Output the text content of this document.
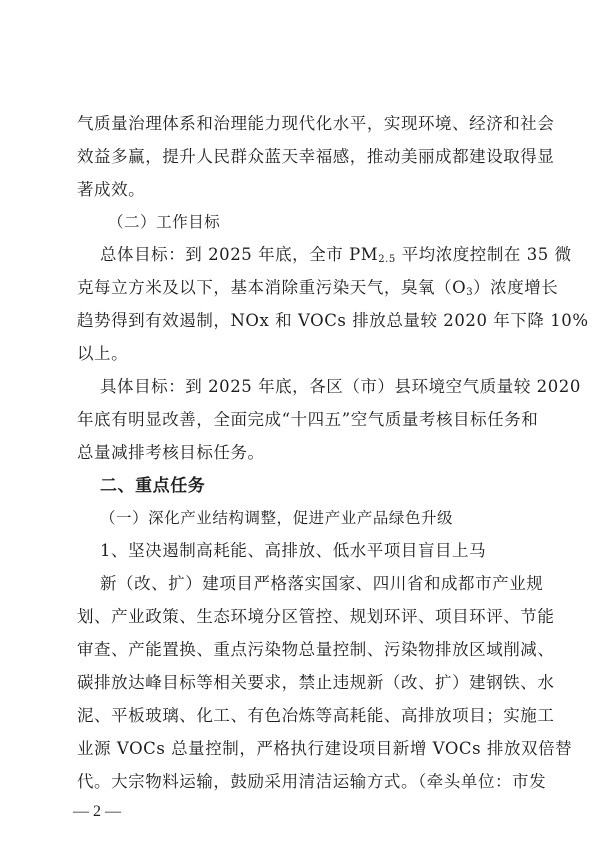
气质量治理体系和治理能力现代化水平，实现环境、经济和社会
效益多赢，提升人民群众蓝天幸福感，推动美丽成都建设取得显
著成效。
（二）工作目标
总体目标：到 2025 年底，全市 $PM_{2.5}$ 平均浓度控制在 35 微
克每立方米及以下，基本消除重污染天气，臭氧$(O_3)$浓度增长
趋势得到有效遏制，NOx 和 VOCs 排放总量较 2020 年下降 10%
以上。
具体目标：到 2025 年底，各区（市）县环境空气质量较 2020
年底有明显改善，全面完成“十四五”空气质量考核目标任务和
总量减排考核目标任务。
二、重点任务
（一）深化产业结构调整，促进产业产品绿色升级
1、坚决遏制高耗能、高排放、低水平项目盲目上马
新（改、扩）建项目严格落实国家、四川省和成都市产业规
划、产业政策、生态环境分区管控、规划环评、项目环评、节能
审查、产能置换、重点污染物总量控制、污染物排放区域削减、
碳排放达峰目标等相关要求，禁止违规新（改、扩）建钢铁、水
泥、平板玻璃、化工、有色冶炼等高耗能、高排放项目；实施工
业源 VOCs 总量控制，严格执行建设项目新增 VOCs 排放双倍替
代。大宗物料运输，鼓励采用清洁运输方式。（牵头单位：市发
— 2 —
